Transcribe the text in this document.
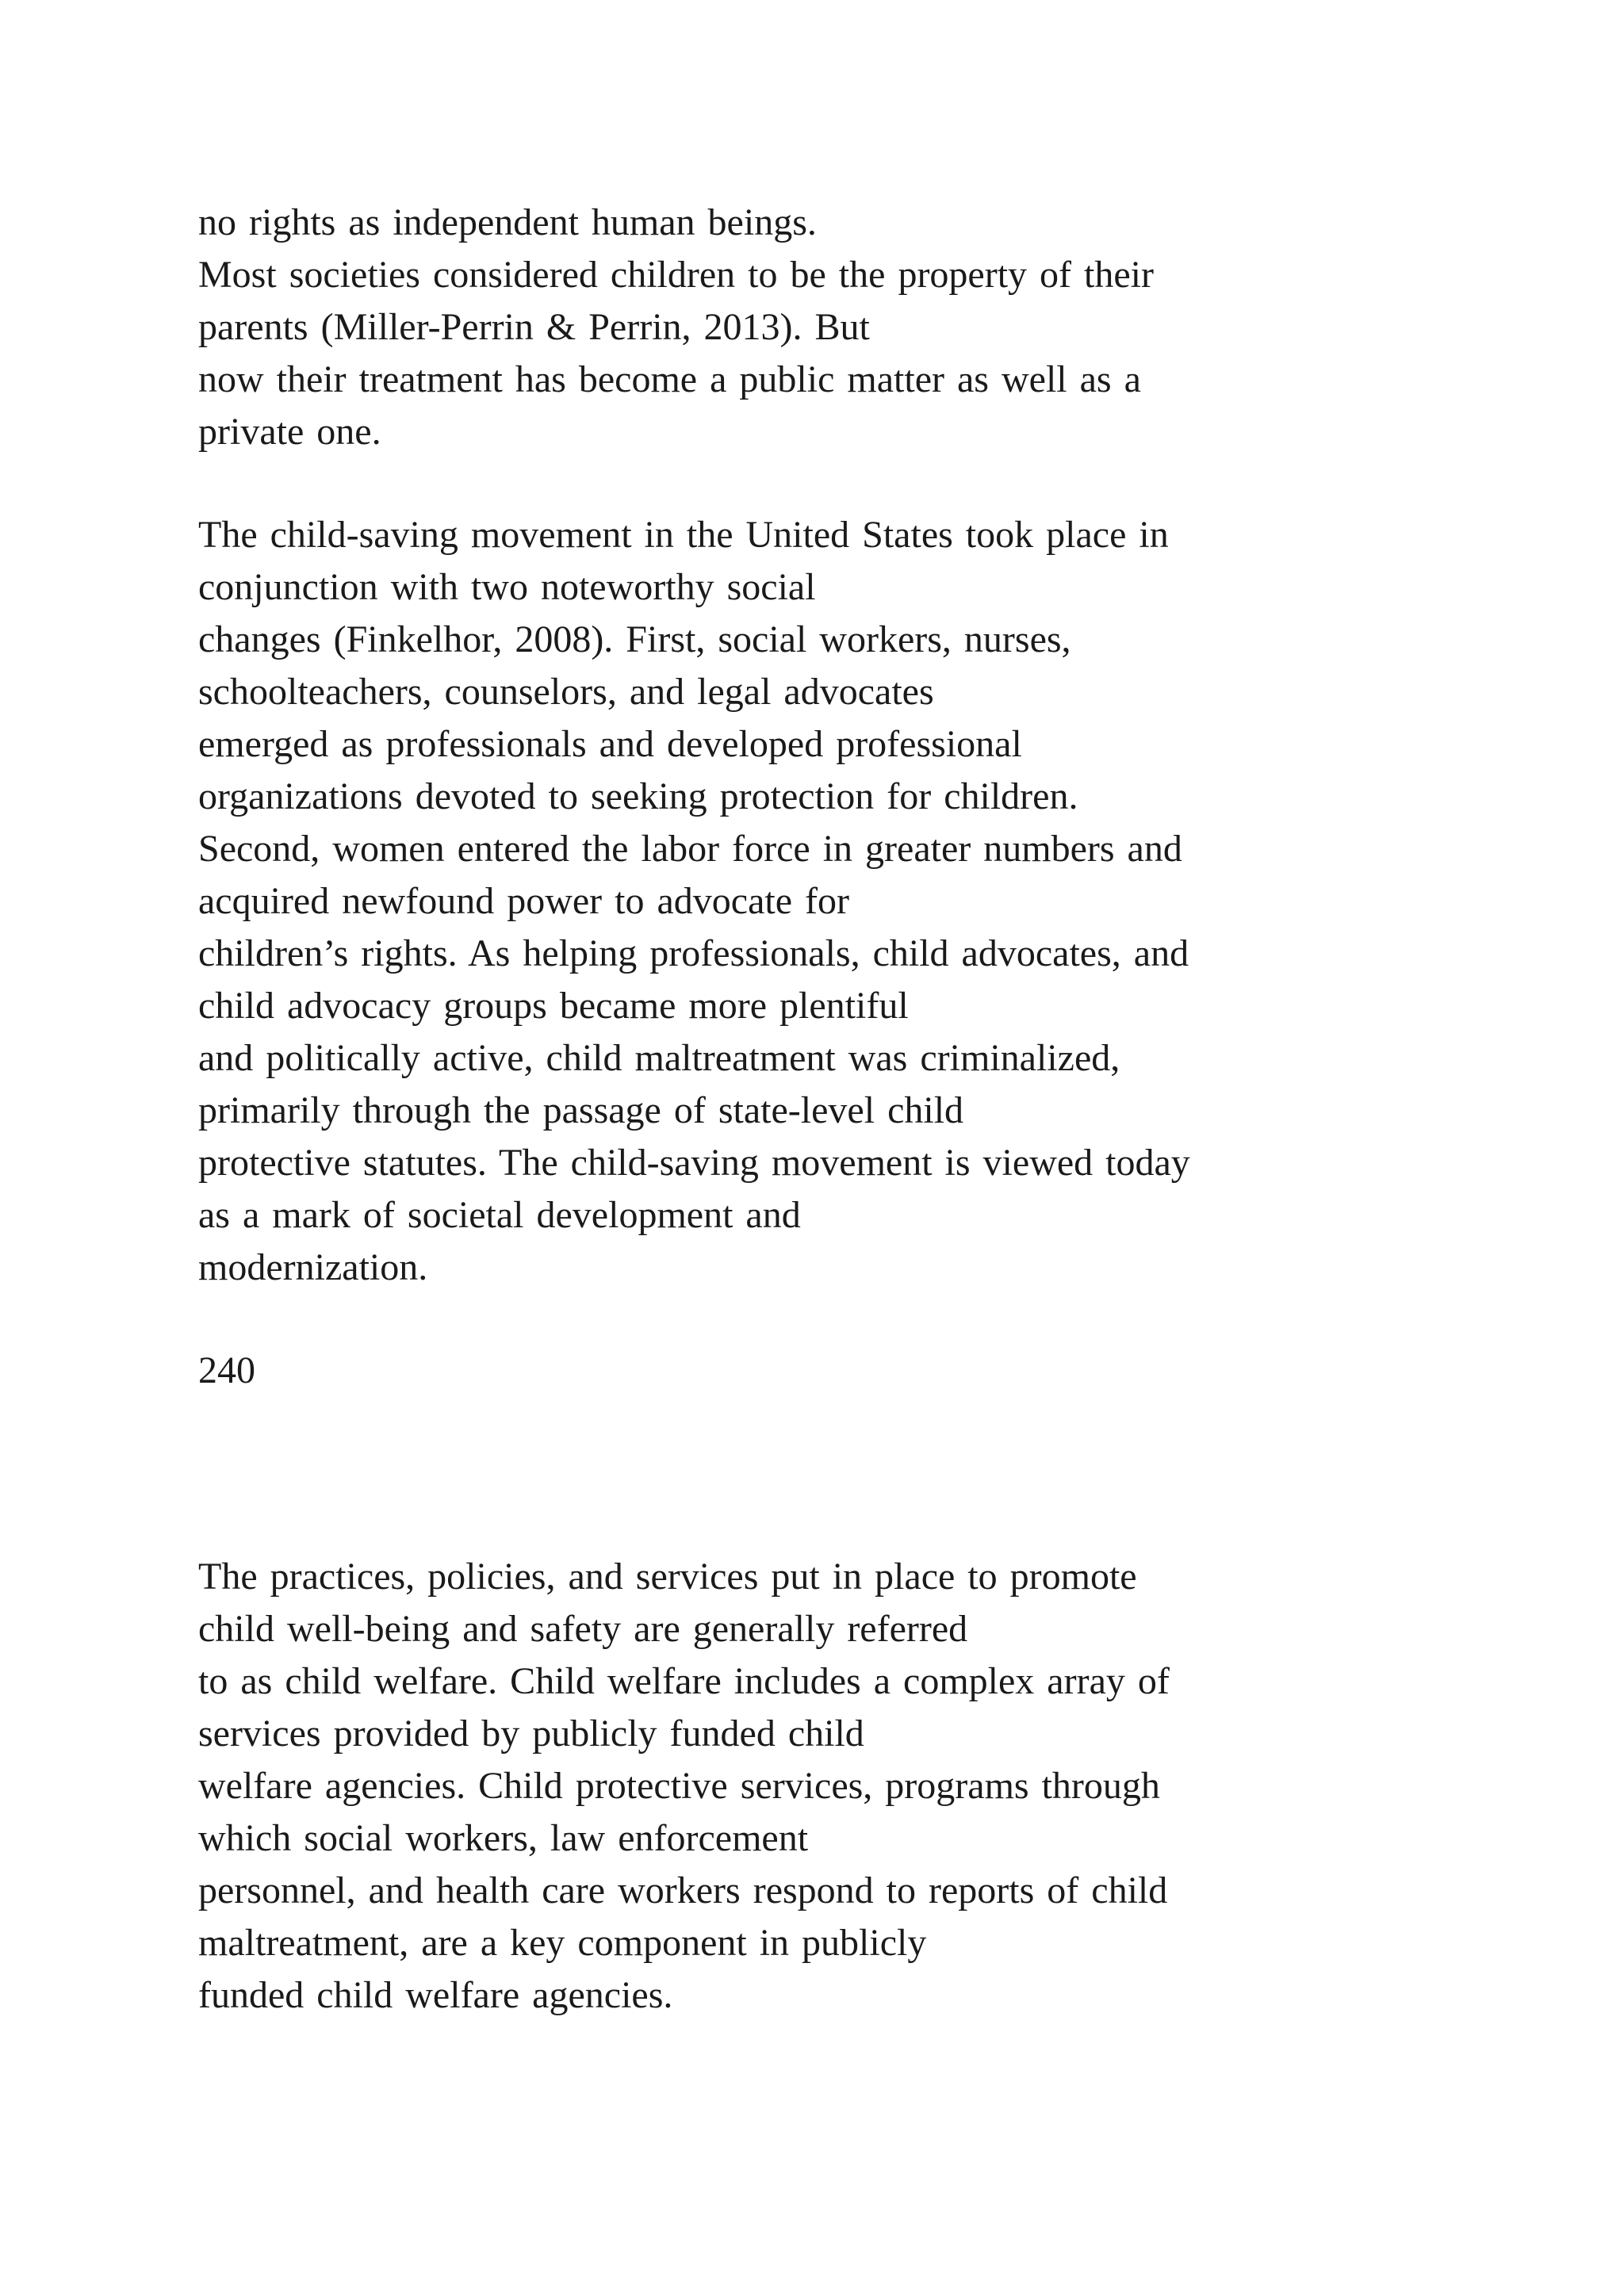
no rights as independent human beings.
Most societies considered children to be the property of their
parents (Miller-Perrin & Perrin, 2013). But
now their treatment has become a public matter as well as a
private one.
The child-saving movement in the United States took place in
conjunction with two noteworthy social
changes (Finkelhor, 2008). First, social workers, nurses,
schoolteachers, counselors, and legal advocates
emerged as professionals and developed professional
organizations devoted to seeking protection for children.
Second, women entered the labor force in greater numbers and
acquired newfound power to advocate for
children’s rights. As helping professionals, child advocates, and
child advocacy groups became more plentiful
and politically active, child maltreatment was criminalized,
primarily through the passage of state-level child
protective statutes. The child-saving movement is viewed today
as a mark of societal development and
modernization.
240
The practices, policies, and services put in place to promote
child well-being and safety are generally referred
to as child welfare. Child welfare includes a complex array of
services provided by publicly funded child
welfare agencies. Child protective services, programs through
which social workers, law enforcement
personnel, and health care workers respond to reports of child
maltreatment, are a key component in publicly
funded child welfare agencies.
